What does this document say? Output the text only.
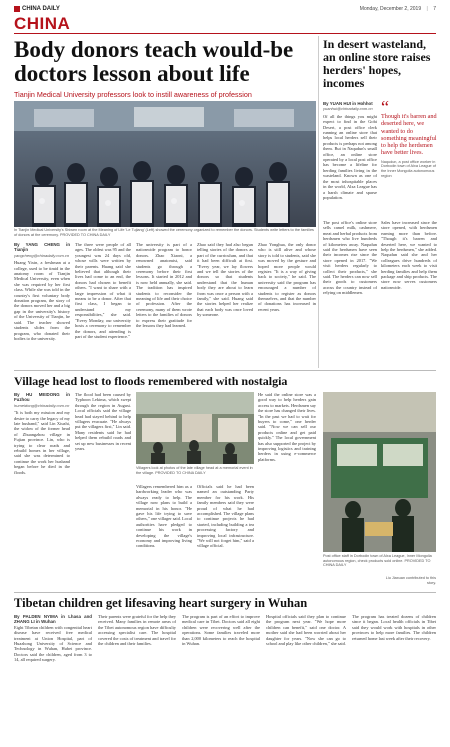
CHINA DAILY	Monday, December 2, 2019 | 7
CHINA
Body donors teach would-be doctors lesson about life
Tianjin Medical University professors look to instill awareness of profession
In Tianjin Medical University's Shiwen room at the Meaning of Life 'Le Tujiang' (Left) showed the ceremony organized to remember the donors. Students write letters to the families of donors at the ceremony. PROVIDED TO CHINA DAILY
By YANG CHENG in Tianjin
yangcheng@chinadaily.com.cn
Huang Yixin, a freshman at a college, used to be timid in the anatomy room of Tianjin Medical University, even when she was required by her first class. While she was told in the country's first voluntary body donation program, the story of the donors moved her and a big gap in the university's history of the University of Tianjin, he said. The teacher showed students slides from the program, who donated their bodies to the university.
The three were people of all ages. The oldest was 95 and the youngest was 24 days old, whose wills were written by their parents. Huang said she believed that although their lives had come to an end, the donors had chosen to benefit others. "I want to share with a large impression of what it means to be a donor. After that first class, I began to understand my responsibilities," she said. "Every Monday, our university hosts a ceremony to remember the donors, and attending is part of the student experience."
The university is part of a nationwide program to honor donors. Zhao Xiaoni, a renowned anatomist, said students go through a ceremony before their first lessons. It started in 2012 and is now held annually, she said. The tradition has inspired students to reconsider the meaning of life and their choice of profession. After the ceremony, many of them wrote letters to the families of donors to express their gratitude for the lessons they had learned.
Zhao said they had also begun telling stories of the donors as part of the curriculum, and that it had been difficult at first. "Every year, we lay flowers and we tell the stories of the donors so that students understand that the human body they are about to learn from was once a person with a family," she said. Huang said the stories helped her realize that each body was once loved by someone.
Zhao Yonghua, the only donor who is still alive and whose story is told to students, said she was moved by the gesture and hoped more people would register. "It is a way of giving back to society," he said. The university said the program has encouraged a number of students to register as donors themselves, and that the number of donations has increased in recent years.
In desert wasteland, an online store raises herders' hopes, incomes
By YUAN HUI in Hohhot
yuanhui@chinadaily.com.cn
Of all the things you might expect to find in the Gobi Desert, a post office clerk running an online store that helps local herders sell their products is perhaps not among them. But in Naqudun's small office, an online store operated by a local post office has become a lifeline for herding families living in the wasteland. Known as one of the most inhospitable places in the world, Alxa League has a harsh climate and sparse population.
“
Though it's barren and deserted here, we wanted to do something meaningful to help the herdsmen have better lives.
Naqudun, a post office worker in Dorbodin town of Alxa League of the Inner Mongolia autonomous region
The post office's online store sells camel milk, cashmere, meat and herbal products from herdsmen who live hundreds of kilometers away. Naqudun said the herdsmen have seen their incomes rise since the store opened in 2017. "We visit herders regularly to collect their products," she said. The herders can now sell their goods to customers across the country instead of relying on middlemen.
Sales have increased since the store opened, with herdsmen earning more than before. "Though it's barren and deserted here, we wanted to help the herdsmen," she added. Naqudun said she and her colleagues drive hundreds of kilometers each week to visit herding families and help them package and ship products. The store now serves customers nationwide.
Village head lost to floods remembered with nostalgia
By HU MEIDONG in Fuzhou
humeidong@chinadaily.com.cn
"It is both my mission and my desire to carry the legacy of my late husband," said Lin Xiuzhi, the widow of the former head of Zhuangzhou village in Fujian province. Lin, who is trying to clear roads and rebuild homes in her village, said she was determined to continue the work her husband began before he died in the floods.
The flood had been caused by Typhoon Lekima, which swept through the region in August. Local officials said the village head had stayed behind to help villagers evacuate. "He always put the villagers first," Lin said. Many residents said he had helped them rebuild roads and set up new businesses in recent years.
Villagers look at photos of the late village head at a memorial event in the village. PROVIDED TO CHINA DAILY
Villagers remembered him as a hardworking leader who was always ready to help. The village now plans to build a memorial in his honor. "He gave his life trying to save others," one villager said. Local authorities have pledged to continue his work in developing the village's economy and improving living conditions.
Officials said he had been named an outstanding Party member for his work. His family members said they were proud of what he had accomplished. The village plans to continue projects he had started, including building a tea processing factory and improving local infrastructure. "We will not forget him," said a village official.
Post office staff in Dorbodin town of Alxa League, Inner Mongolia autonomous region, check products sold online. PROVIDED TO CHINA DAILY
He said the online store was a good way to help herders gain access to markets. Herdsmen say the store has changed their lives. "In the past we had to wait for buyers to come," one herder said. "Now we can sell our products online and get paid quickly." The local government has also supported the project by improving logistics and training herders in using e-commerce platforms.
Liu Jiaxuan contributed to this story.
Tibetan children get lifesaving heart surgery in Wuhan
By PALDEN NYIMA in Lhasa and ZHANG LI in Wuhan
Eight Tibetan children with congenital heart disease have received free medical treatment at Union Hospital, part of Huazhong University of Science and Technology in Wuhan, Hubei province. Doctors said the children, aged from 3 to 14, all required surgery.
Their parents were grateful for the help they received. Many families in remote areas of the Tibet autonomous region have difficulty accessing specialist care. The hospital covered the costs of treatment and travel for the children and their families.
The program is part of an effort to improve medical care in Tibet. Doctors said all eight children were recovering well after the operations. Some families traveled more than 2,000 kilometers to reach the hospital in Wuhan.
Hospital officials said they plan to continue the program next year. "We hope more children can benefit," said one doctor. A mother said she had been worried about her daughter for years. "Now she can go to school and play like other children," she said.
The program has treated dozens of children since it began. Local health officials in Tibet said they would work with hospitals in other provinces to help more families. The children returned home last week after their recovery.
